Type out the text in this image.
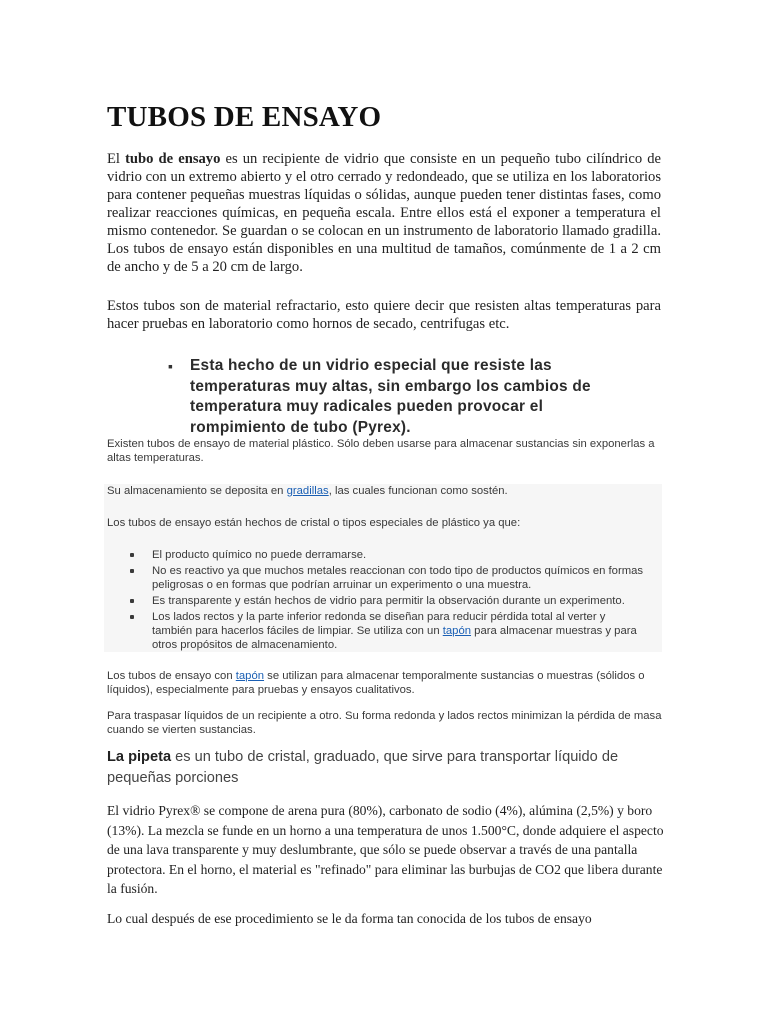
TUBOS DE ENSAYO

El tubo de ensayo es un recipiente de vidrio que consiste en un pequeño tubo cilíndrico de vidrio con un extremo abierto y el otro cerrado y redondeado, que se utiliza en los laboratorios para contener pequeñas muestras líquidas o sólidas, aunque pueden tener distintas fases, como realizar reacciones químicas, en pequeña escala. Entre ellos está el exponer a temperatura el mismo contenedor. Se guardan o se colocan en un instrumento de laboratorio llamado gradilla. Los tubos de ensayo están disponibles en una multitud de tamaños, comúnmente de 1 a 2 cm de ancho y de 5 a 20 cm de largo.

Estos tubos son de material refractario, esto quiere decir que resisten altas temperaturas para hacer pruebas en laboratorio como hornos de secado, centrifugas etc.

▪ Esta hecho de un vidrio especial que resiste las temperaturas muy altas, sin embargo los cambios de temperatura muy radicales pueden provocar el rompimiento de tubo (Pyrex).

Existen tubos de ensayo de material plástico. Sólo deben usarse para almacenar sustancias sin exponerlas a altas temperaturas.

Su almacenamiento se deposita en gradillas, las cuales funcionan como sostén.

Los tubos de ensayo están hechos de cristal o tipos especiales de plástico ya que:

El producto químico no puede derramarse.
No es reactivo ya que muchos metales reaccionan con todo tipo de productos químicos en formas peligrosas o en formas que podrían arruinar un experimento o una muestra.
Es transparente y están hechos de vidrio para permitir la observación durante un experimento.
Los lados rectos y la parte inferior redonda se diseñan para reducir pérdida total al verter y también para hacerlos fáciles de limpiar. Se utiliza con un tapón para almacenar muestras y para otros propósitos de almacenamiento.

Los tubos de ensayo con tapón se utilizan para almacenar temporalmente sustancias o muestras (sólidos o líquidos), especialmente para pruebas y ensayos cualitativos.

Para traspasar líquidos de un recipiente a otro. Su forma redonda y lados rectos minimizan la pérdida de masa cuando se vierten sustancias.

La pipeta es un tubo de cristal, graduado, que sirve para transportar líquido de pequeñas porciones

El vidrio Pyrex® se compone de arena pura (80%), carbonato de sodio (4%), alúmina (2,5%) y boro (13%). La mezcla se funde en un horno a una temperatura de unos 1.500°C, donde adquiere el aspecto de una lava transparente y muy deslumbrante, que sólo se puede observar a través de una pantalla protectora. En el horno, el material es "refinado" para eliminar las burbujas de CO2 que libera durante la fusión.

Lo cual después de ese procedimiento se le da forma tan conocida de los tubos de ensayo
